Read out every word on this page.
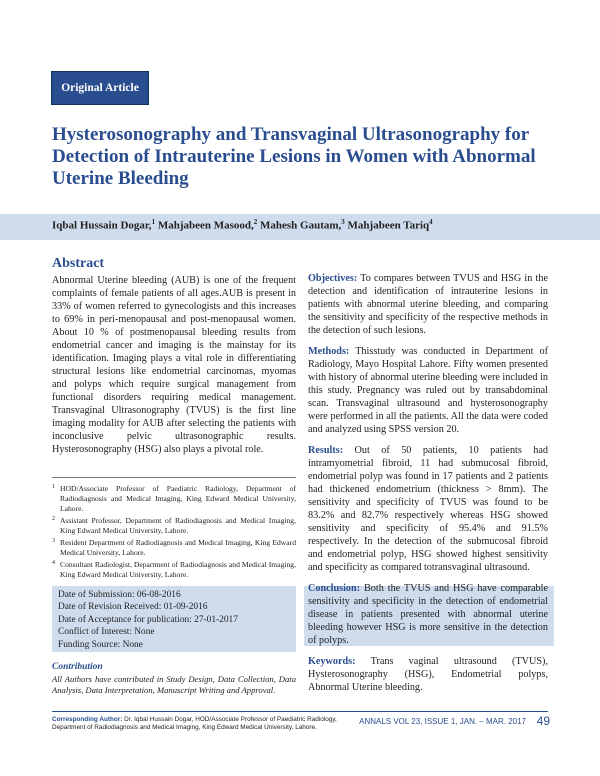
Original Article
Hysterosonography and Transvaginal Ultrasonography for Detection of Intrauterine Lesions in Women with Abnormal Uterine Bleeding
Iqbal Hussain Dogar,$^1$ Mahjabeen Masood,$^2$ Mahesh Gautam,$^3$ Mahjabeen Tariq$^4$
Abstract
Abnormal Uterine bleeding (AUB) is one of the frequent complaints of female patients of all ages.AUB is present in 33% of women referred to gynecologists and this increases to 69% in peri-menopausal and post-menopausal women. About 10 % of postmenopausal bleeding results from endometrial cancer and imaging is the mainstay for its identification. Imaging plays a vital role in differentiating structural lesions like endometrial carcinomas, myomas and polyps which require surgical management from functional disorders requiring medical management. Transvaginal Ultrasonography (TVUS) is the first line imaging modality for AUB after selecting the patients with inconclusive pelvic ultrasonographic results. Hysterosonography (HSG) also plays a pivotal role.
1 HOD/Associate Professor of Paediatric Radiology, Department of Radiodiagnosis and Medical Imaging, King Edward Medical University, Lahore.
2 Assistant Professor, Department of Radiodiagnosis and Medical Imaging, King Edward Medical University, Lahore.
3 Resident Department of Radiodiagnosis and Medical Imaging, King Edward Medical University, Lahore.
4 Consultant Radiologist, Department of Radiodiagnosis and Medical Imaging, King Edward Medical University, Lahore.
Date of Submission: 06-08-2016
Date of Revision Received: 01-09-2016
Date of Acceptance for publication: 27-01-2017
Conflict of Interest: None
Funding Source: None
Contribution
All Authors have contributed in Study Design, Data Collection, Data Analysis, Data Interpretation, Manuscript Writing and Approval.

Objectives: To compares between TVUS and HSG in the detection and identification of intrauterine lesions in patients with abnormal uterine bleeding, and comparing the sensitivity and specificity of the respective methods in the detection of such lesions.

Methods: Thisstudy was conducted in Department of Radiology, Mayo Hospital Lahore. Fifty women presented with history of abnormal uterine bleeding were included in this study. Pregnancy was ruled out by transabdominal scan. Transvaginal ultrasound and hysterosonography were performed in all the patients. All the data were coded and analyzed using SPSS version 20.

Results: Out of 50 patients, 10 patients had intramyometrial fibroid, 11 had submucosal fibroid, endometrial polyp was found in 17 patients and 2 patients had thickened endometrium (thickness > 8mm). The sensitivity and specificity of TVUS was found to be 83.2% and 82.7% respectively whereas HSG showed sensitivity and specificity of 95.4% and 91.5% respectively. In the detection of the submucosal fibroid and endometrial polyp, HSG showed highest sensitivity and specificity as compared totransvaginal ultrasound.

Conclusion: Both the TVUS and HSG have comparable sensitivity and specificity in the detection of endometrial disease in patients presented with abnormal uterine bleeding however HSG is more sensitive in the detection of polyps.

Keywords: Trans vaginal ultrasound (TVUS), Hysterosonography (HSG), Endometrial polyps, Abnormal Uterine bleeding.

Corresponding Author: Dr. Iqbal Hussain Dogar, HOD/Associate Professor of Paediatric Radiology, Department of Radiodiagnosis and Medical Imaging, King Edward Medical University, Lahore.
ANNALS VOL 23, ISSUE 1, JAN. – MAR. 2017 49
